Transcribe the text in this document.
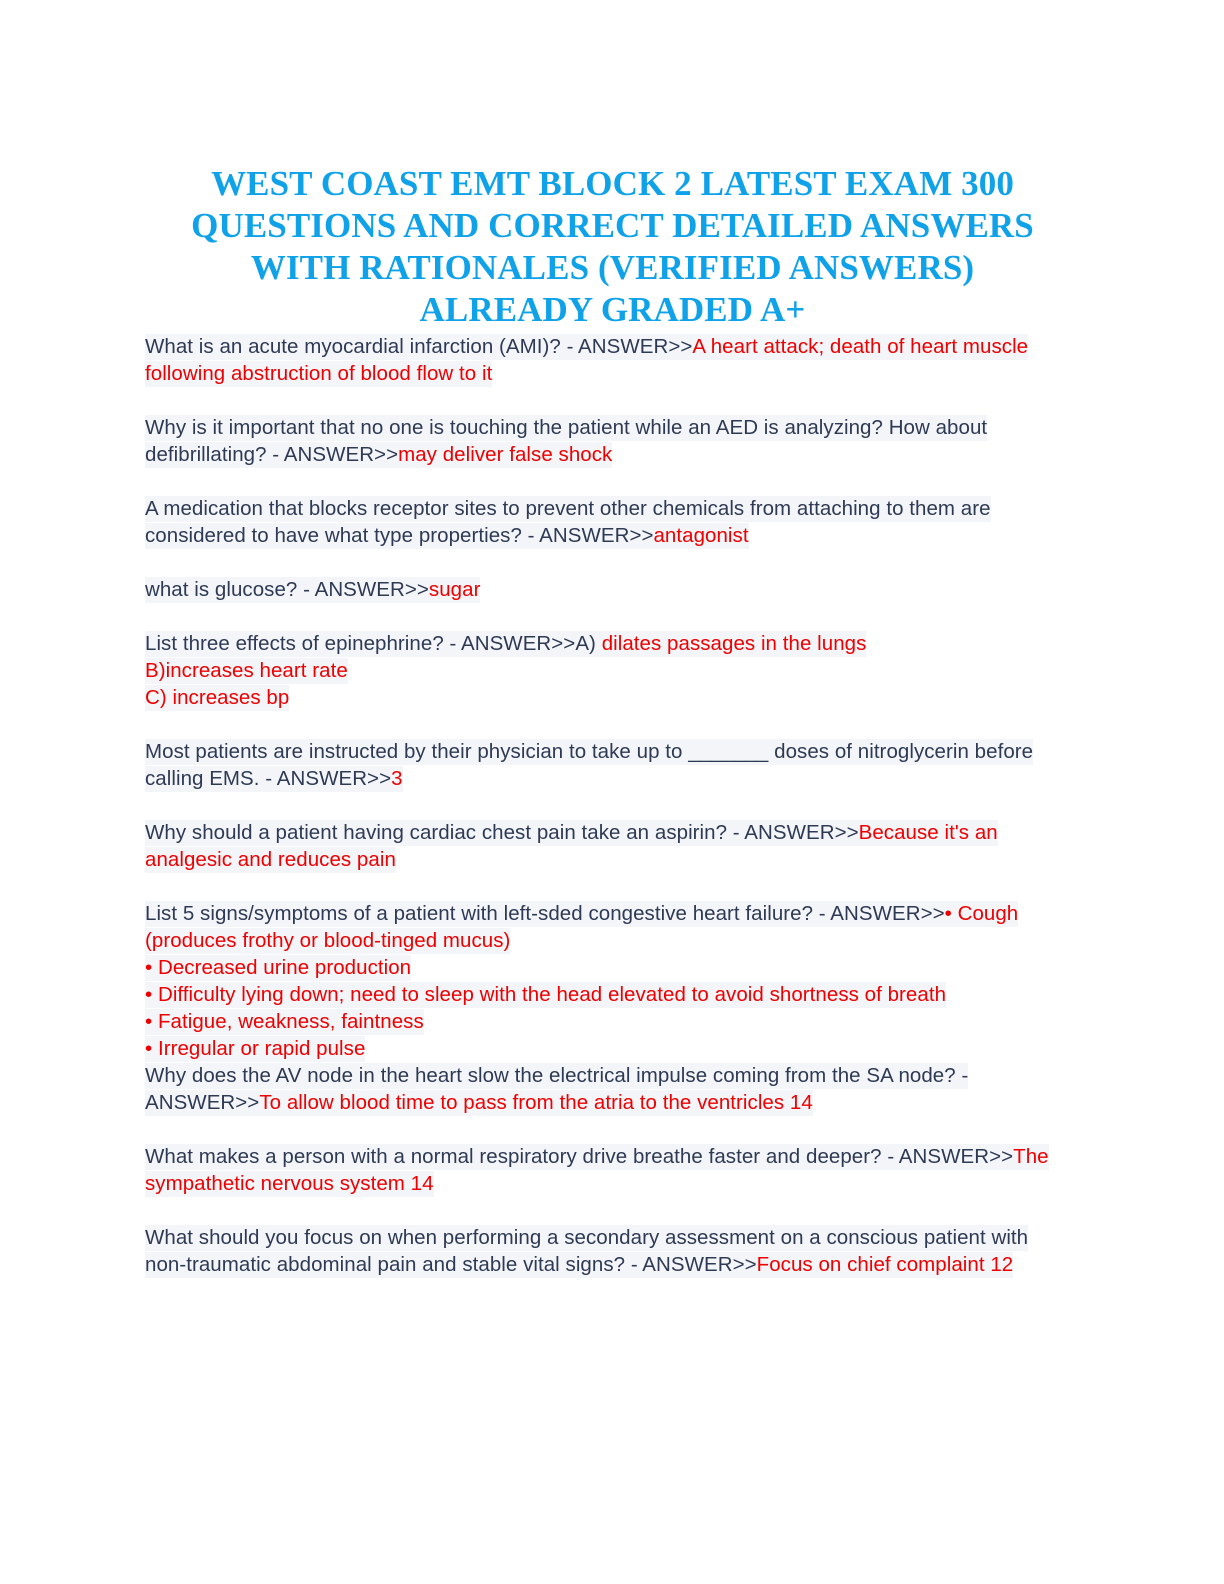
WEST COAST EMT BLOCK 2 LATEST EXAM 300
QUESTIONS AND CORRECT DETAILED ANSWERS
WITH RATIONALES (VERIFIED ANSWERS)
ALREADY GRADED A+

What is an acute myocardial infarction (AMI)? - ANSWER>>A heart attack; death of heart muscle following abstruction of blood flow to it

Why is it important that no one is touching the patient while an AED is analyzing? How about defibrillating? - ANSWER>>may deliver false shock

A medication that blocks receptor sites to prevent other chemicals from attaching to them are considered to have what type properties? - ANSWER>>antagonist

what is glucose? - ANSWER>>sugar

List three effects of epinephrine? - ANSWER>>A) dilates passages in the lungs
B)increases heart rate
C) increases bp

Most patients are instructed by their physician to take up to _______ doses of nitroglycerin before calling EMS. - ANSWER>>3

Why should a patient having cardiac chest pain take an aspirin? - ANSWER>>Because it's an analgesic and reduces pain

List 5 signs/symptoms of a patient with left-sded congestive heart failure? - ANSWER>>• Cough (produces frothy or blood-tinged mucus)
• Decreased urine production
• Difficulty lying down; need to sleep with the head elevated to avoid shortness of breath
• Fatigue, weakness, faintness
• Irregular or rapid pulse

Why does the AV node in the heart slow the electrical impulse coming from the SA node? - ANSWER>>To allow blood time to pass from the atria to the ventricles 14

What makes a person with a normal respiratory drive breathe faster and deeper? - ANSWER>>The sympathetic nervous system 14

What should you focus on when performing a secondary assessment on a conscious patient with non-traumatic abdominal pain and stable vital signs? - ANSWER>>Focus on chief complaint 12
